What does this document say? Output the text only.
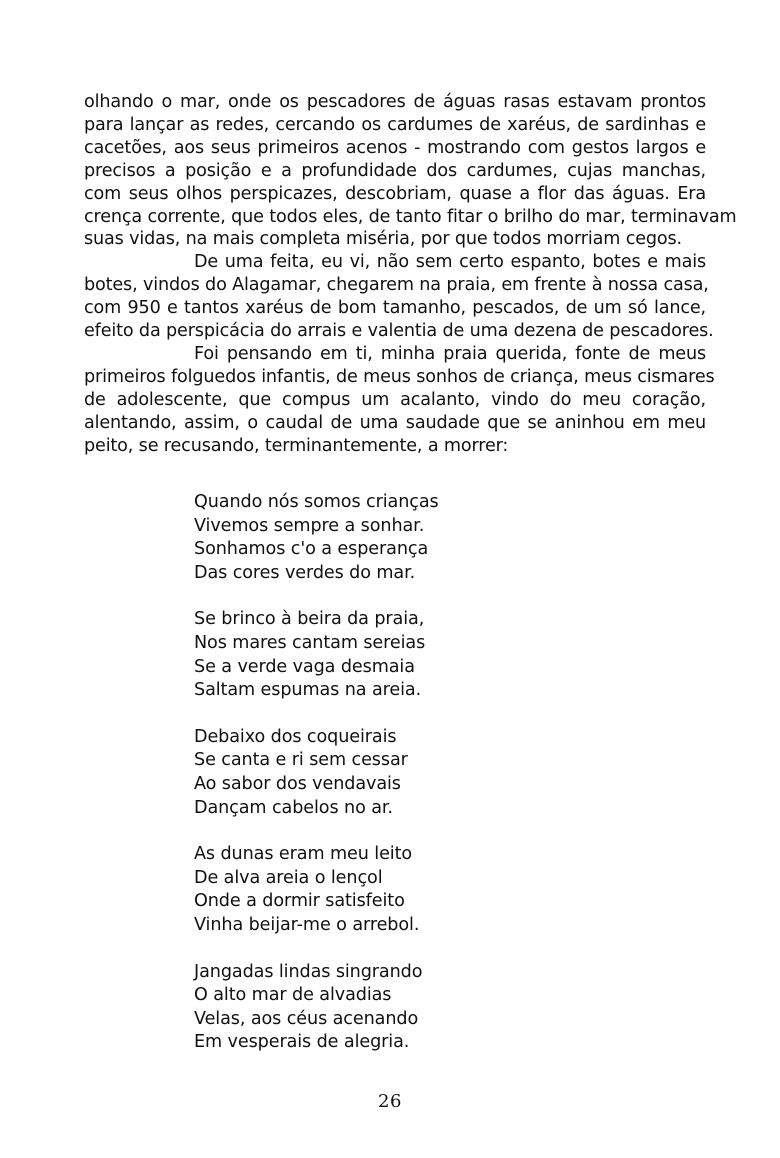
olhando o mar, onde os pescadores de águas rasas estavam prontos
para lançar as redes, cercando os cardumes de xaréus, de sardinhas e
cacetões, aos seus primeiros acenos - mostrando com gestos largos e
precisos a posição e a profundidade dos cardumes, cujas manchas,
com seus olhos perspicazes, descobriam, quase a flor das águas. Era
crença corrente, que todos eles, de tanto fitar o brilho do mar, terminavam
suas vidas, na mais completa miséria, por que todos morriam cegos.
De uma feita, eu vi, não sem certo espanto, botes e mais
botes, vindos do Alagamar, chegarem na praia, em frente à nossa casa,
com 950 e tantos xaréus de bom tamanho, pescados, de um só lance,
efeito da perspicácia do arrais e valentia de uma dezena de pescadores.
Foi pensando em ti, minha praia querida, fonte de meus
primeiros folguedos infantis, de meus sonhos de criança, meus cismares
de adolescente, que compus um acalanto, vindo do meu coração,
alentando, assim, o caudal de uma saudade que se aninhou em meu
peito, se recusando, terminantemente, a morrer:
Quando nós somos crianças
Vivemos sempre a sonhar.
Sonhamos c'o a esperança
Das cores verdes do mar.
Se brinco à beira da praia,
Nos mares cantam sereias
Se a verde vaga desmaia
Saltam espumas na areia.
Debaixo dos coqueirais
Se canta e ri sem cessar
Ao sabor dos vendavais
Dançam cabelos no ar.
As dunas eram meu leito
De alva areia o lençol
Onde a dormir satisfeito
Vinha beijar-me o arrebol.
Jangadas lindas singrando
O alto mar de alvadias
Velas, aos céus acenando
Em vesperais de alegria.
26
